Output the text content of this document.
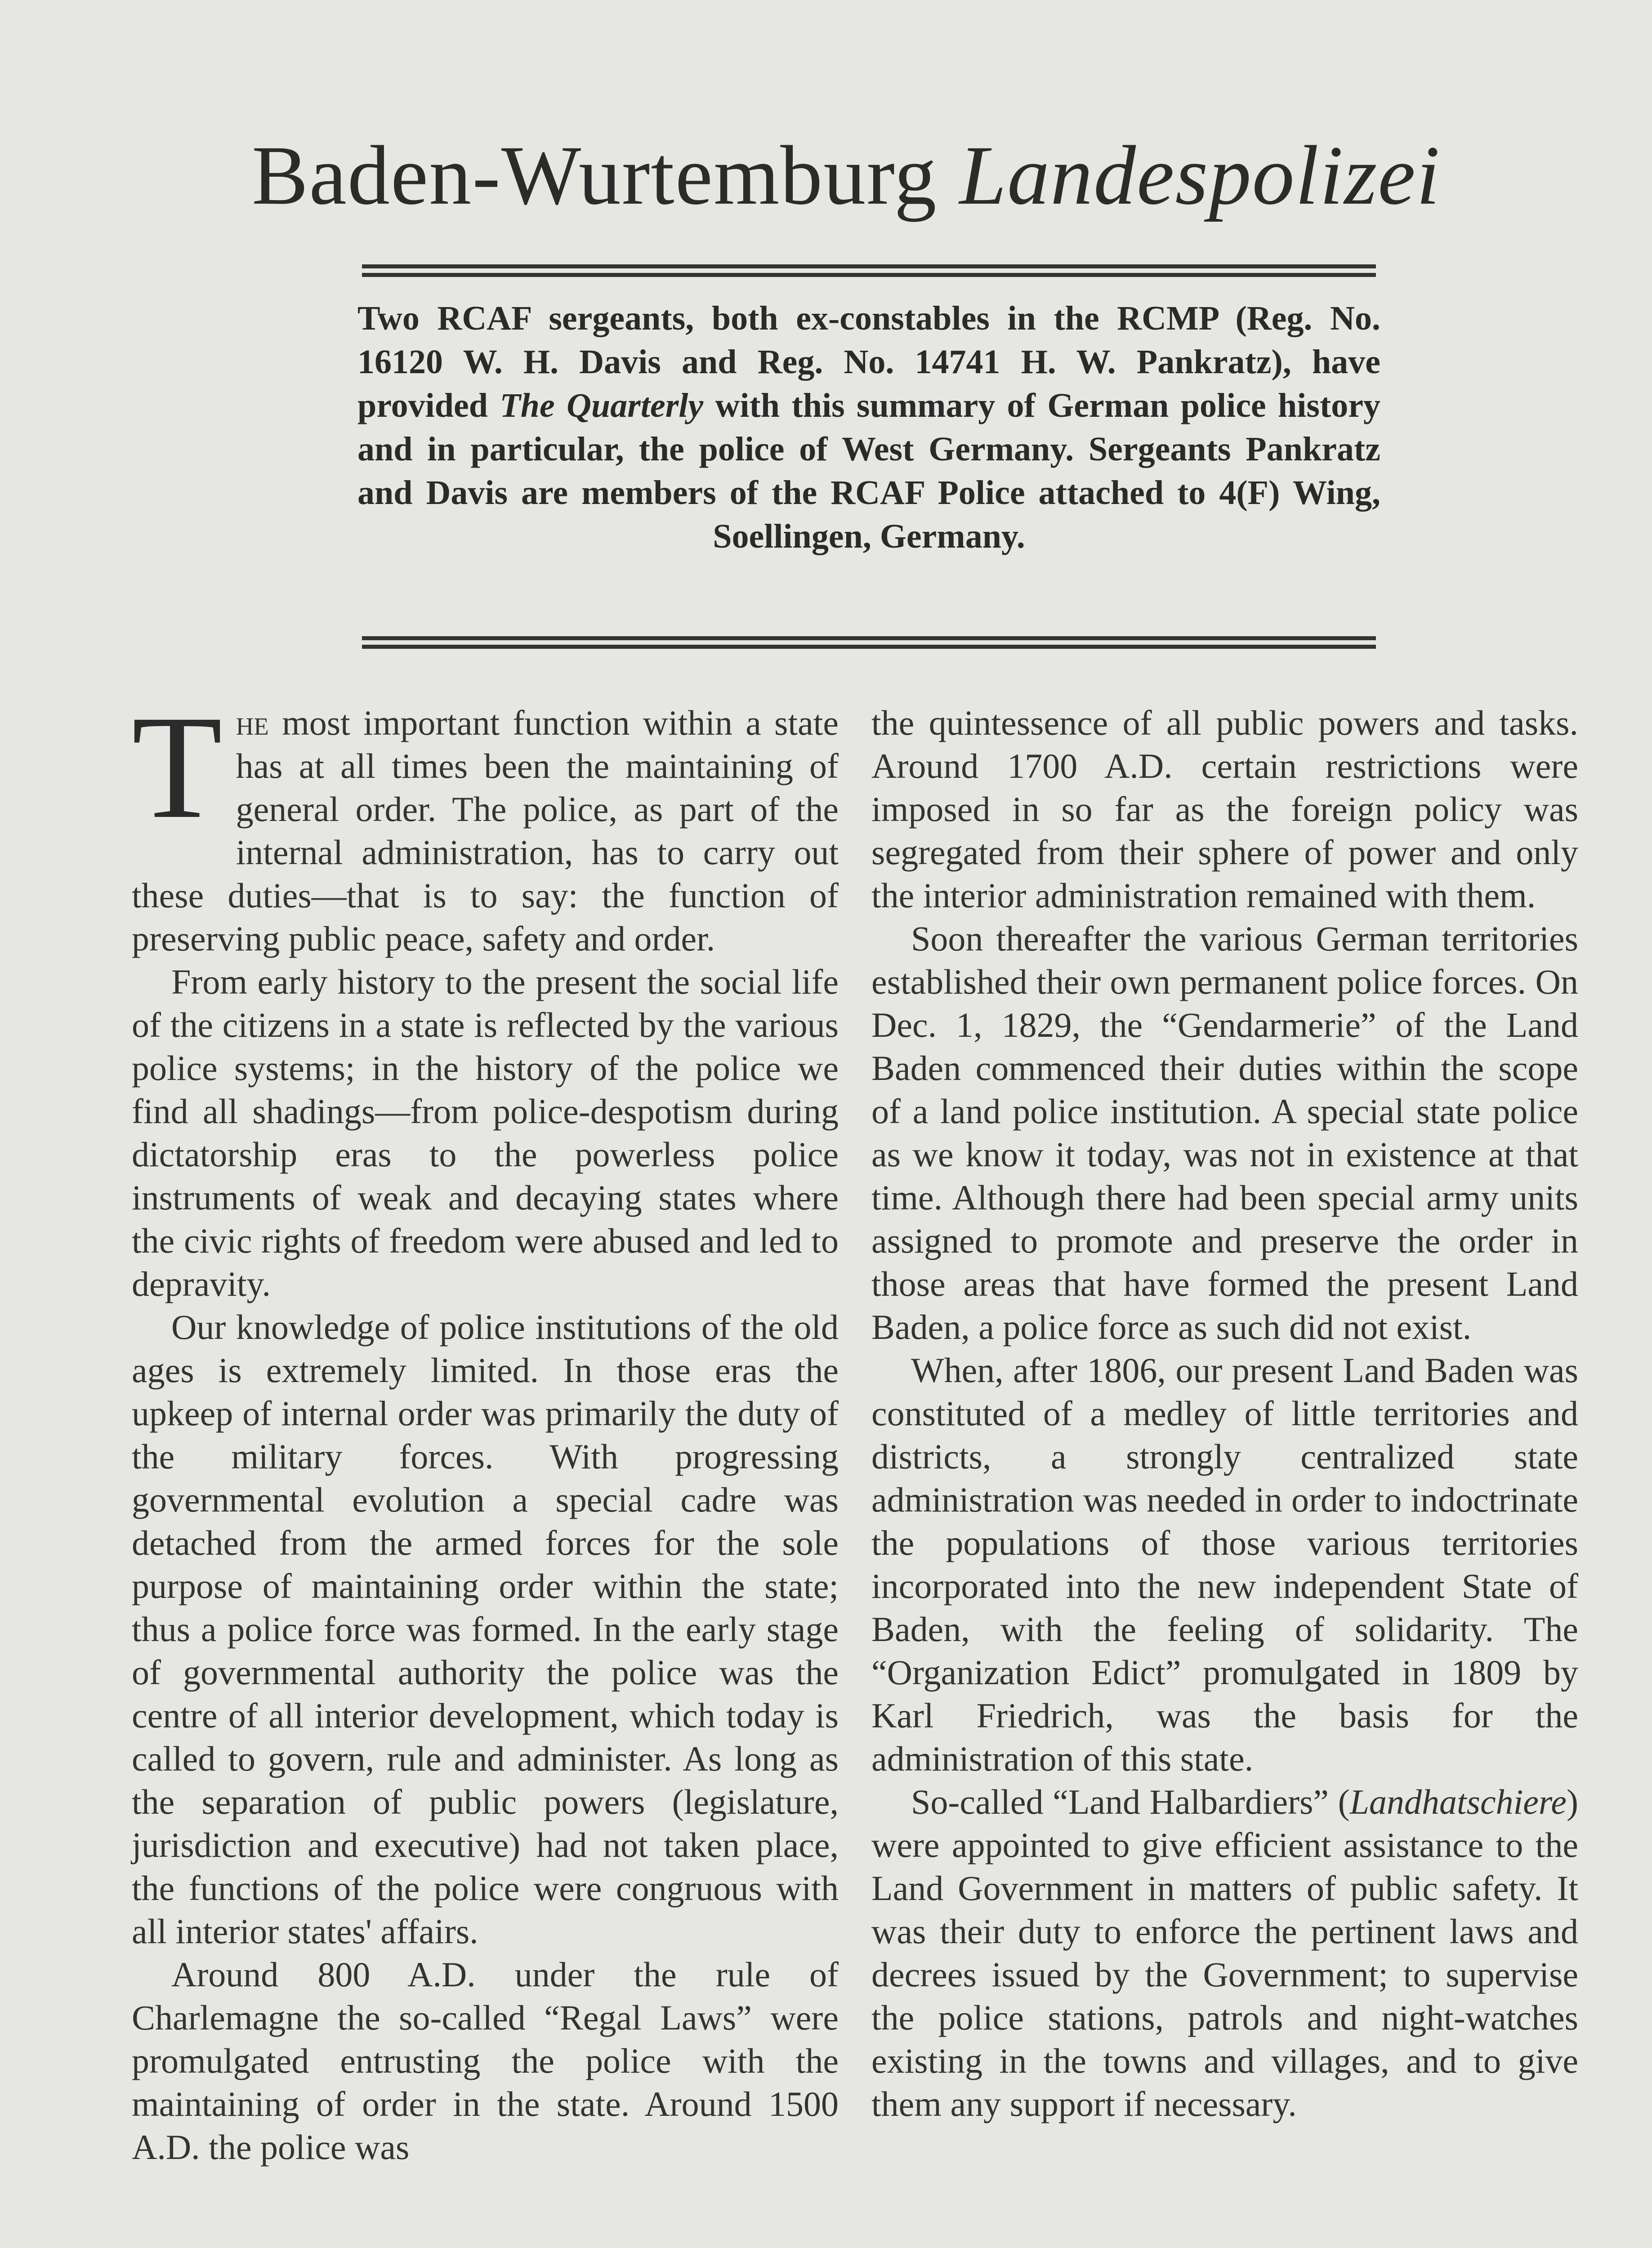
Baden-Wurtemburg Landespolizei
Two RCAF sergeants, both ex-constables in the RCMP (Reg. No. 16120 W. H. Davis and Reg. No. 14741 H. W. Pankratz), have provided The Quarterly with this summary of German police history and in particular, the police of West Germany. Sergeants Pankratz and Davis are members of the RCAF Police attached to 4(F) Wing, Soellingen, Germany.

The most important function within a state has at all times been the maintaining of general order. The police, as part of the internal administration, has to carry out these duties—that is to say: the function of preserving public peace, safety and order.

From early history to the present the social life of the citizens in a state is reflected by the various police systems; in the history of the police we find all shadings—from police-despotism during dictatorship eras to the powerless police instruments of weak and decaying states where the civic rights of freedom were abused and led to depravity.

Our knowledge of police institutions of the old ages is extremely limited. In those eras the upkeep of internal order was primarily the duty of the military forces. With progressing governmental evolution a special cadre was detached from the armed forces for the sole purpose of maintaining order within the state; thus a police force was formed. In the early stage of governmental authority the police was the centre of all interior development, which today is called to govern, rule and administer. As long as the separation of public powers (legislature, jurisdiction and executive) had not taken place, the functions of the police were congruous with all interior states' affairs.

Around 800 A.D. under the rule of Charlemagne the so-called “Regal Laws” were promulgated entrusting the police with the maintaining of order in the state. Around 1500 A.D. the police was

the quintessence of all public powers and tasks. Around 1700 A.D. certain restrictions were imposed in so far as the foreign policy was segregated from their sphere of power and only the interior administration remained with them.

Soon thereafter the various German territories established their own permanent police forces. On Dec. 1, 1829, the “Gendarmerie” of the Land Baden commenced their duties within the scope of a land police institution. A special state police as we know it today, was not in existence at that time. Although there had been special army units assigned to promote and preserve the order in those areas that have formed the present Land Baden, a police force as such did not exist.

When, after 1806, our present Land Baden was constituted of a medley of little territories and districts, a strongly centralized state administration was needed in order to indoctrinate the populations of those various territories incorporated into the new independent State of Baden, with the feeling of solidarity. The “Organization Edict” promulgated in 1809 by Karl Friedrich, was the basis for the administration of this state.

So-called “Land Halbardiers” (Landhatschiere) were appointed to give efficient assistance to the Land Government in matters of public safety. It was their duty to enforce the pertinent laws and decrees issued by the Government; to supervise the police stations, patrols and night-watches existing in the towns and villages, and to give them any support if necessary.
